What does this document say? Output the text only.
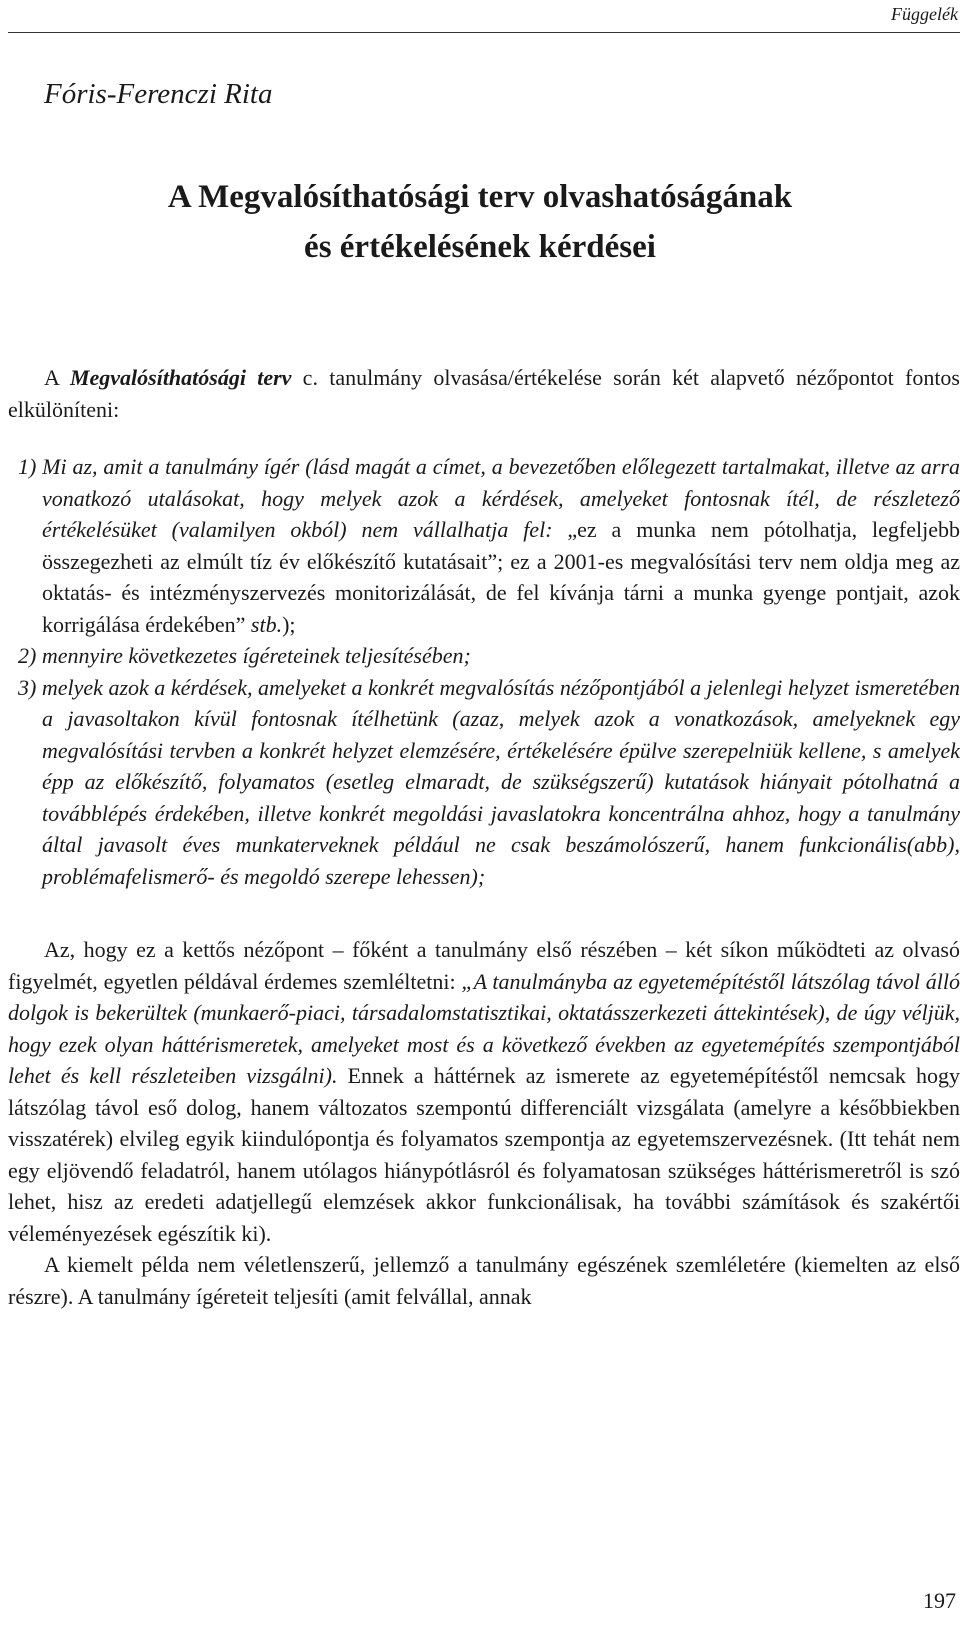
Függelék
Fóris-Ferenczi Rita
A Megvalósíthatósági terv olvashatóságának
és értékelésének kérdései

A Megvalósíthatósági terv c. tanulmány olvasása/értékelése során két alapvető nézőpontot fontos elkülöníteni:

1) Mi az, amit a tanulmány ígér (lásd magát a címet, a bevezetőben előlegezett tartalmakat, illetve az arra vonatkozó utalásokat, hogy melyek azok a kérdések, amelyeket fontosnak ítél, de részletező értékelésüket (valamilyen okból) nem vállalhatja fel: „ez a munka nem pótolhatja, legfeljebb összegezheti az elmúlt tíz év előkészítő kutatásait”; ez a 2001-es megvalósítási terv nem oldja meg az oktatás- és intézményszervezés monitorizálását, de fel kívánja tárni a munka gyenge pontjait, azok korrigálása érdekében” stb.);

2) mennyire következetes ígéreteinek teljesítésében;

3) melyek azok a kérdések, amelyeket a konkrét megvalósítás nézőpontjából a jelenlegi helyzet ismeretében a javasoltakon kívül fontosnak ítélhetünk (azaz, melyek azok a vonatkozások, amelyeknek egy megvalósítási tervben a konkrét helyzet elemzésére, értékelésére épülve szerepelniük kellene, s amelyek épp az előkészítő, folyamatos (esetleg elmaradt, de szükségszerű) kutatások hiányait pótolhatná a továbblépés érdekében, illetve konkrét megoldási javaslatokra koncentrálna ahhoz, hogy a tanulmány által javasolt éves munkaterveknek például ne csak beszámolószerű, hanem funkcionális(abb), problémafelismerő- és megoldó szerepe lehessen);

Az, hogy ez a kettős nézőpont – főként a tanulmány első részében – két síkon működteti az olvasó figyelmét, egyetlen példával érdemes szemléltetni: „A tanulmányba az egyetemépítéstől látszólag távol álló dolgok is bekerültek (munkaerő-piaci, társadalomstatisztikai, oktatásszerkezeti áttekintések), de úgy véljük, hogy ezek olyan háttérismeretek, amelyeket most és a következő években az egyetemépítés szempontjából lehet és kell részleteiben vizsgálni). Ennek a háttérnek az ismerete az egyetemépítéstől nemcsak hogy látszólag távol eső dolog, hanem változatos szempontú differenciált vizsgálata (amelyre a későbbiekben visszatérek) elvileg egyik kiindulópontja és folyamatos szempontja az egyetemszervezésnek. (Itt tehát nem egy eljövendő feladatról, hanem utólagos hiánypótlásról és folyamatosan szükséges háttérismeretről is szó lehet, hisz az eredeti adatjellegű elemzések akkor funkcionálisak, ha további számítások és szakértői véleményezések egészítik ki).

A kiemelt példa nem véletlenszerű, jellemző a tanulmány egészének szemléletére (kiemelten az első részre). A tanulmány ígéreteit teljesíti (amit felvállal, annak

197
